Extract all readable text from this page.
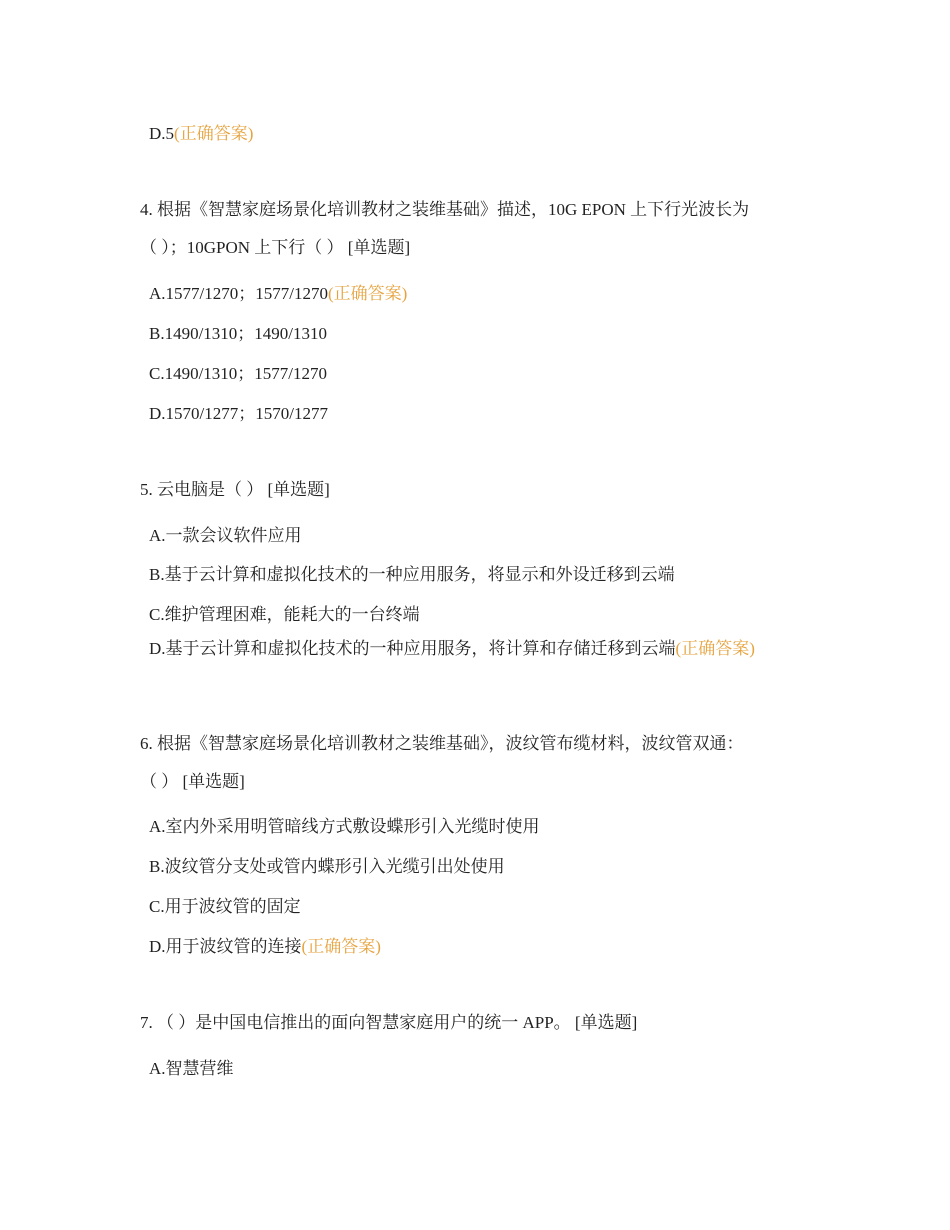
D.5(正确答案)
4. 根据《智慧家庭场景化培训教材之装维基础》描述，10G EPON 上下行光波长为
（ ）；10GPON 上下行（ ） [单选题]
A.1577/1270；1577/1270(正确答案)
B.1490/1310；1490/1310
C.1490/1310；1577/1270
D.1570/1277；1570/1277
5. 云电脑是（ ） [单选题]
A.一款会议软件应用
B.基于云计算和虚拟化技术的一种应用服务，将显示和外设迁移到云端
C.维护管理困难，能耗大的一台终端
D.基于云计算和虚拟化技术的一种应用服务，将计算和存储迁移到云端(正确答案)
6. 根据《智慧家庭场景化培训教材之装维基础》，波纹管布缆材料，波纹管双通：
（ ） [单选题]
A.室内外采用明管暗线方式敷设蝶形引入光缆时使用
B.波纹管分支处或管内蝶形引入光缆引出处使用
C.用于波纹管的固定
D.用于波纹管的连接(正确答案)
7. （ ）是中国电信推出的面向智慧家庭用户的统一 APP。 [单选题]
A.智慧营维
